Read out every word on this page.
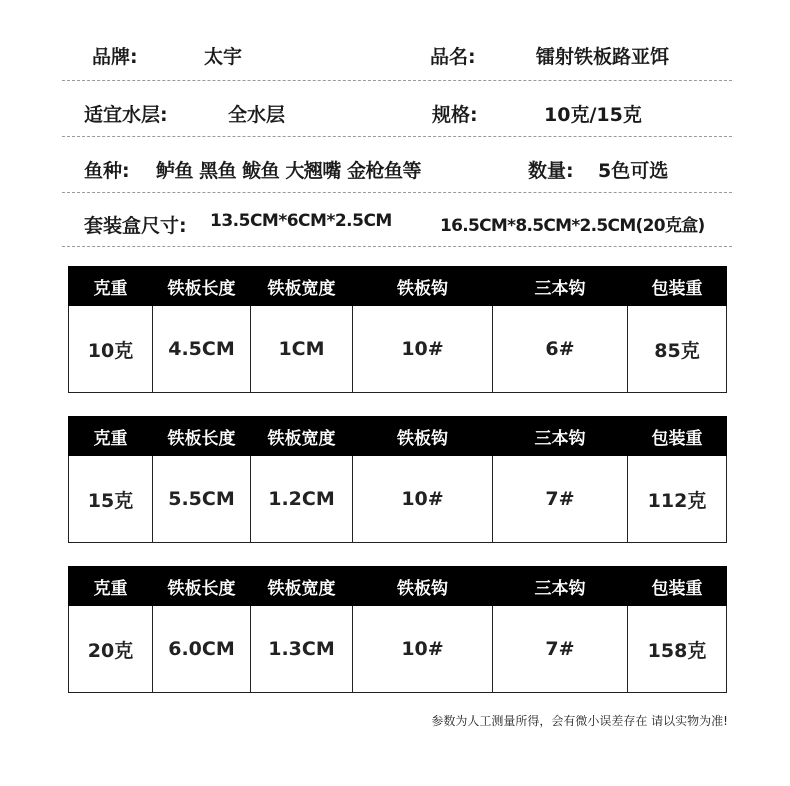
品牌:	太宇	品名:	镭射铁板路亚饵
适宜水层:	全水层	规格:	10克/15克
鱼种: 鲈鱼 黑鱼 鲅鱼 大翘嘴 金枪鱼等	数量: 5色可选
套装盒尺寸: 13.5CM*6CM*2.5CM	16.5CM*8.5CM*2.5CM(20克盒)
克重	铁板长度	铁板宽度	铁板钩	三本钩	包装重
10克	4.5CM	1CM	10#	6#	85克
克重	铁板长度	铁板宽度	铁板钩	三本钩	包装重
15克	5.5CM	1.2CM	10#	7#	112克
克重	铁板长度	铁板宽度	铁板钩	三本钩	包装重
20克	6.0CM	1.3CM	10#	7#	158克
参数为人工测量所得，会有微小误差存在 请以实物为准!
